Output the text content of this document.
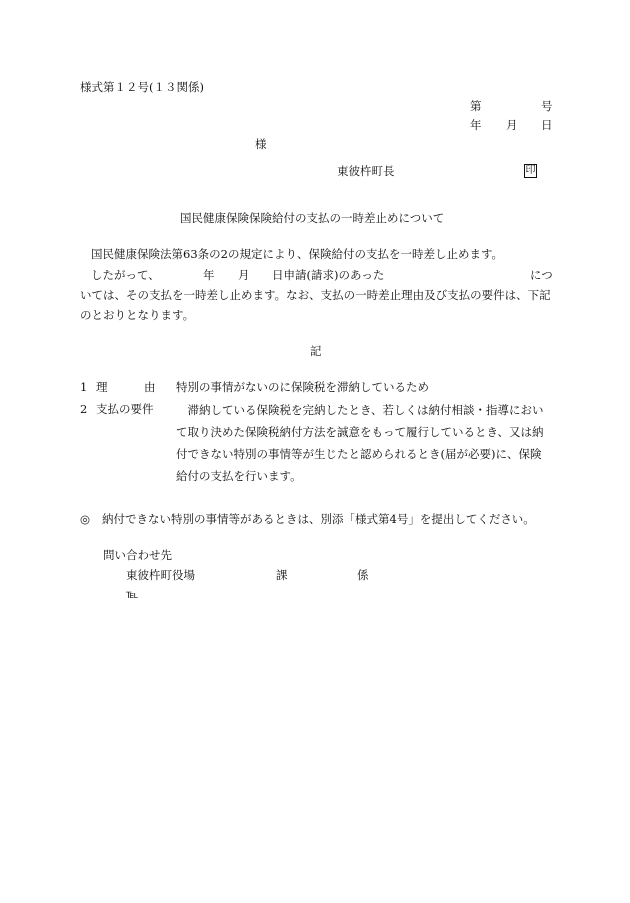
様式第１２号(１３関係)
第	号
年 月 日
様
東彼杵町長	印
国民健康保険保険給付の支払の一時差止めについて
国民健康保険法第63条の2の規定により、保険給付の支払を一時差し止めます。
したがって、	年 月 日申請(請求)のあった	につ
いては、その支払を一時差し止めます。なお、支払の一時差止理由及び支払の要件は、下記
のとおりとなります。
記
1 理	由 特別の事情がないのに保険税を滞納しているため
2 支払の要件 　滞納している保険税を完納したとき、若しくは納付相談・指導において取り決めた保険税納付方法を誠意をもって履行しているとき、又は納付できない特別の事情等が生じたと認められるとき(届が必要)に、保険給付の支払を行います。
◎ 納付できない特別の事情等があるときは、別添「様式第4号」を提出してください。
問い合わせ先
東彼杵町役場	課	係
℡
